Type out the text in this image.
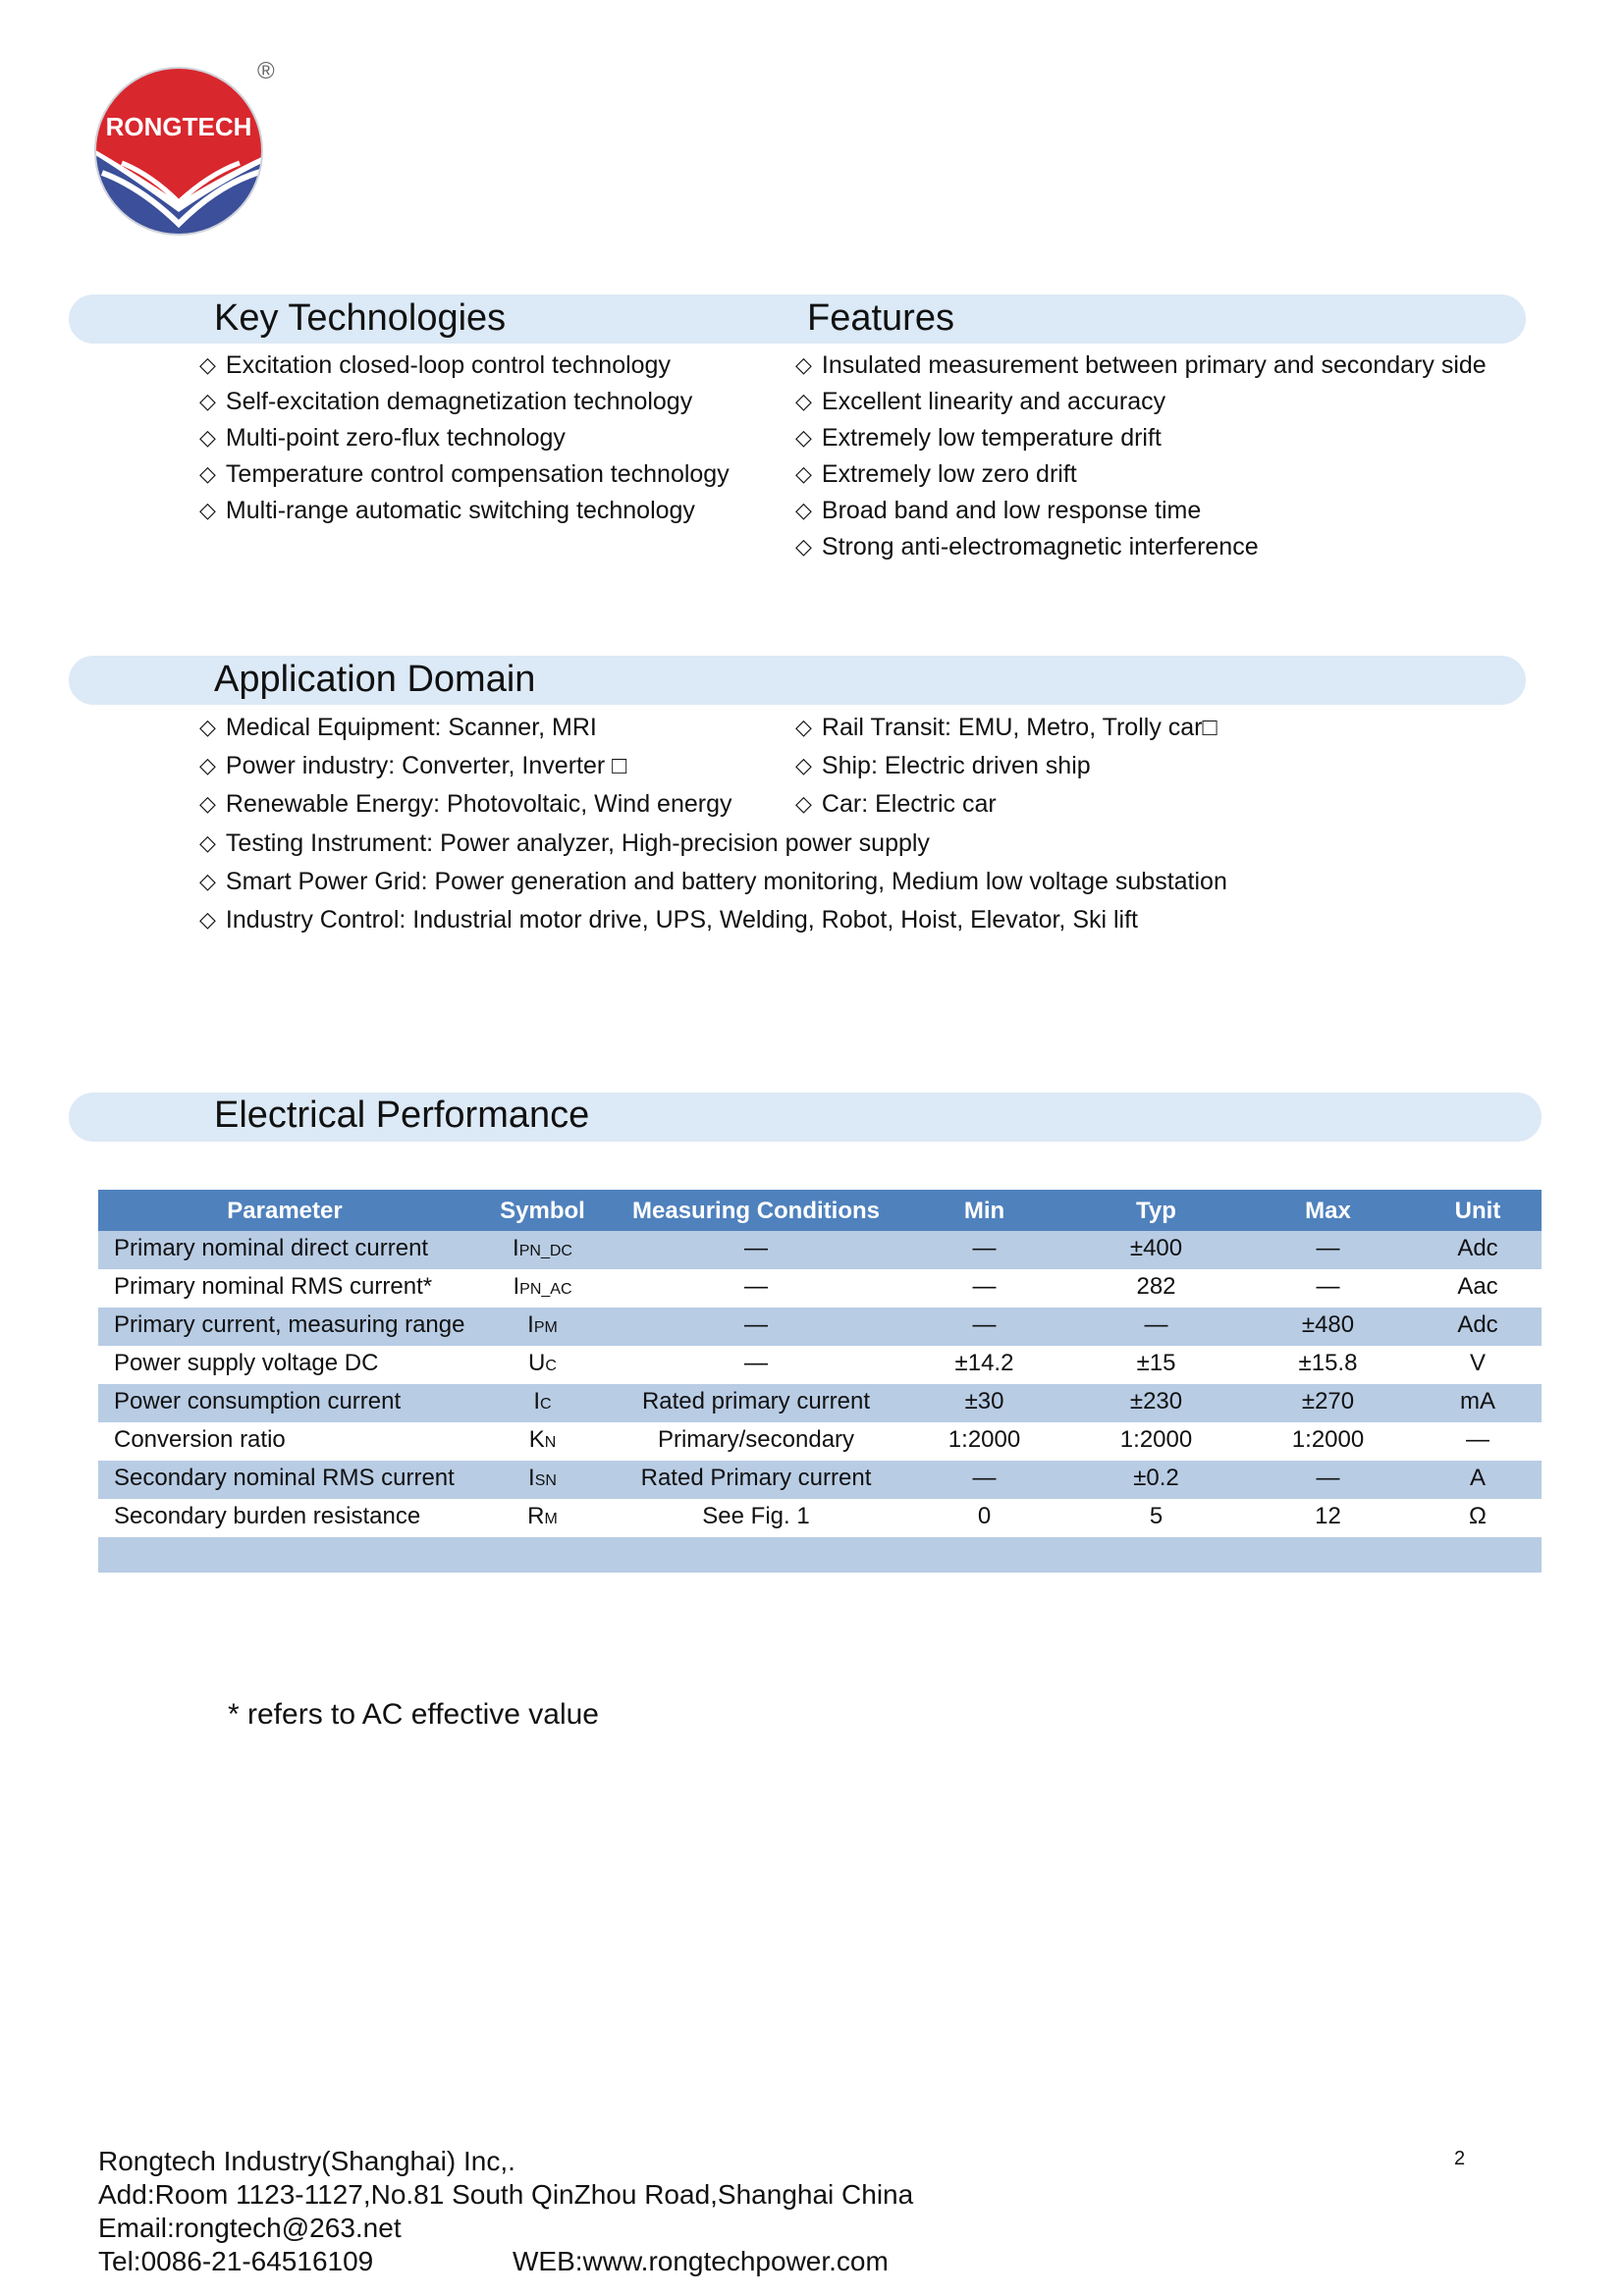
RONGTECH
®
Key Technologies	Features
◇ Excitation closed-loop control technology
◇ Self-excitation demagnetization technology
◇ Multi-point zero-flux technology
◇ Temperature control compensation technology
◇ Multi-range automatic switching technology
◇ Insulated measurement between primary and secondary side
◇ Excellent linearity and accuracy
◇ Extremely low temperature drift
◇ Extremely low zero drift
◇ Broad band and low response time
◇ Strong anti-electromagnetic interference
Application Domain
◇ Medical Equipment: Scanner, MRI
◇ Power industry: Converter, Inverter □
◇ Renewable Energy: Photovoltaic, Wind energy
◇ Rail Transit: EMU, Metro, Trolly car□
◇ Ship: Electric driven ship
◇ Car: Electric car
◇ Testing Instrument: Power analyzer, High-precision power supply
◇ Smart Power Grid: Power generation and battery monitoring, Medium low voltage substation
◇ Industry Control: Industrial motor drive, UPS, Welding, Robot, Hoist, Elevator, Ski lift
Electrical Performance
Parameter	Symbol	Measuring Conditions	Min	Typ	Max	Unit
Primary nominal direct current	IPN_DC	—	—	±400	—	Adc
Primary nominal RMS current*	IPN_AC	—	—	282	—	Aac
Primary current, measuring range	IPM	—	—	—	±480	Adc
Power supply voltage DC	UC	—	±14.2	±15	±15.8	V
Power consumption current	IC	Rated primary current	±30	±230	±270	mA
Conversion ratio	KN	Primary/secondary	1:2000	1:2000	1:2000	—
Secondary nominal RMS current	ISN	Rated Primary current	—	±0.2	—	A
Secondary burden resistance	RM	See Fig. 1	0	5	12	Ω

* refers to AC effective value
Rongtech Industry(Shanghai) Inc,.
Add:Room 1123-1127,No.81 South QinZhou Road,Shanghai China
Email:rongtech@263.net
Tel:0086-21-64516109	WEB:www.rongtechpower.com
2
